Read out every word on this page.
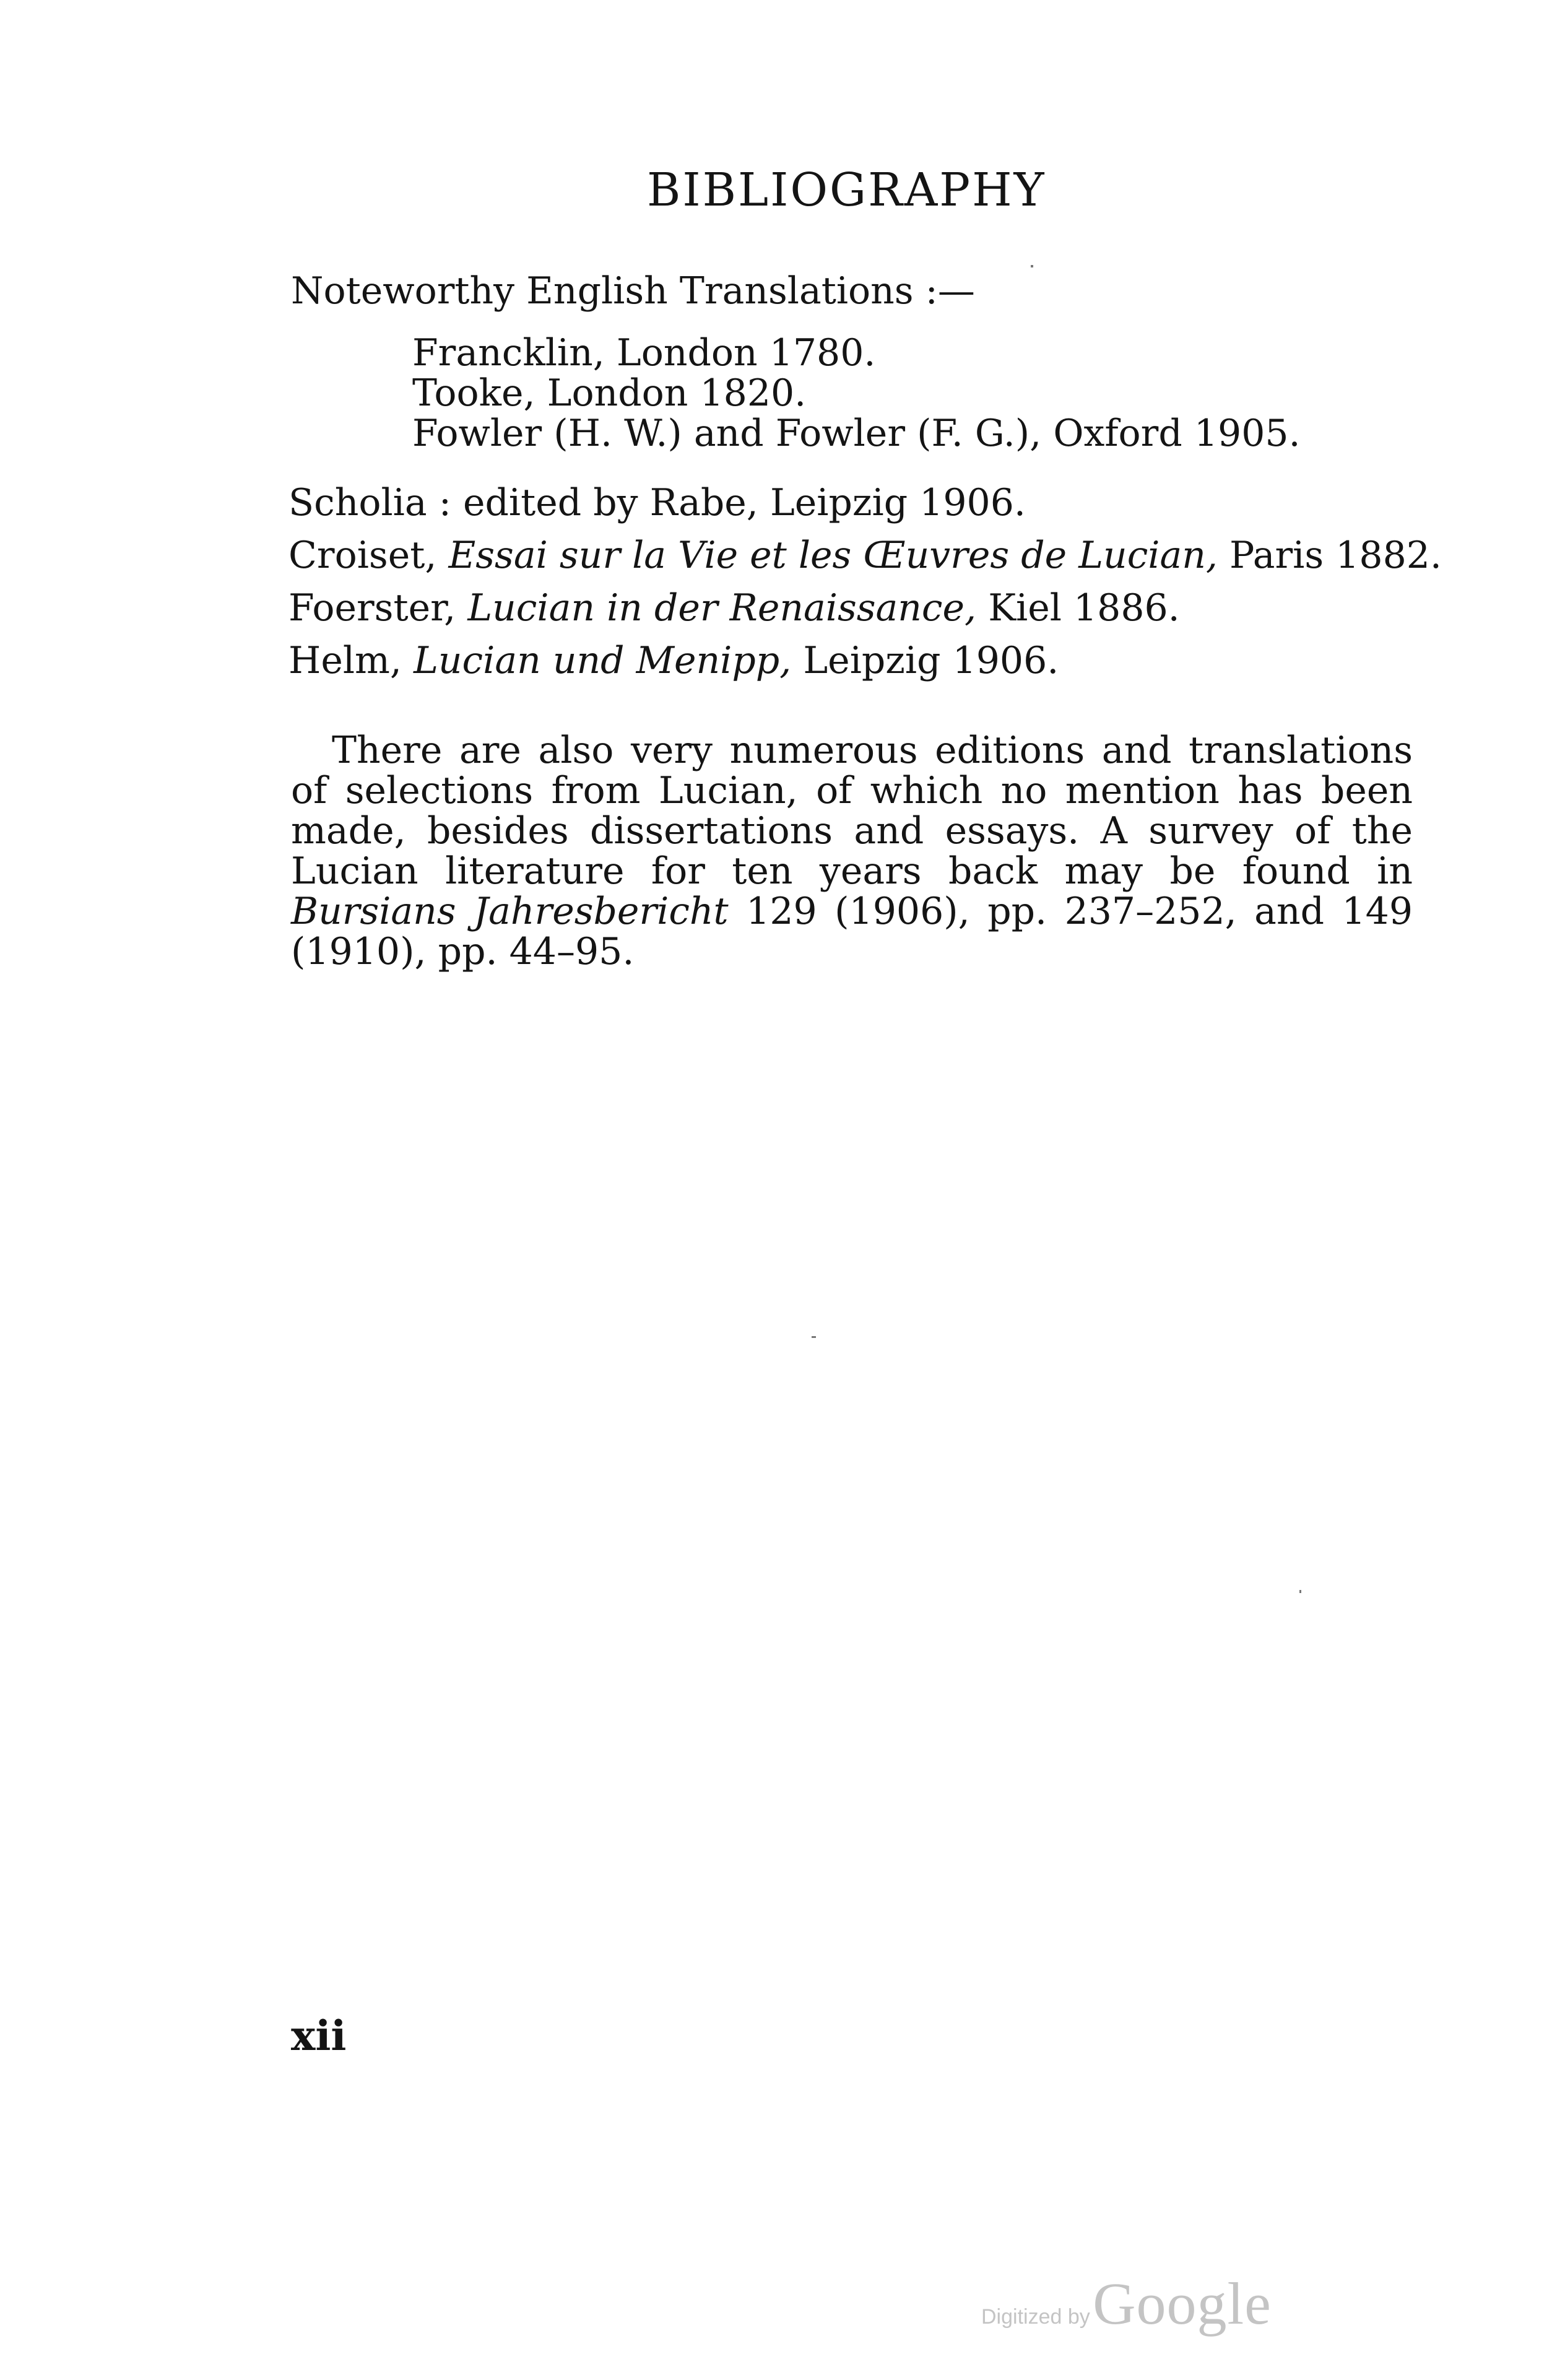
BIBLIOGRAPHY
Noteworthy English Translations :—
Francklin, London 1780.
Tooke, London 1820.
Fowler (H. W.) and Fowler (F. G.), Oxford 1905.
Scholia : edited by Rabe, Leipzig 1906.
Croiset, Essai sur la Vie et les Œuvres de Lucian, Paris 1882.
Foerster, Lucian in der Renaissance, Kiel 1886.
Helm, Lucian und Menipp, Leipzig 1906.
There are also very numerous editions and translations of selections from Lucian, of which no mention has been made, besides dissertations and essays. A survey of the Lucian literature for ten years back may be found in Bursians Jahresbericht 129 (1906), pp. 237–252, and 149 (1910), pp. 44–95.
xii
Digitized by Google
